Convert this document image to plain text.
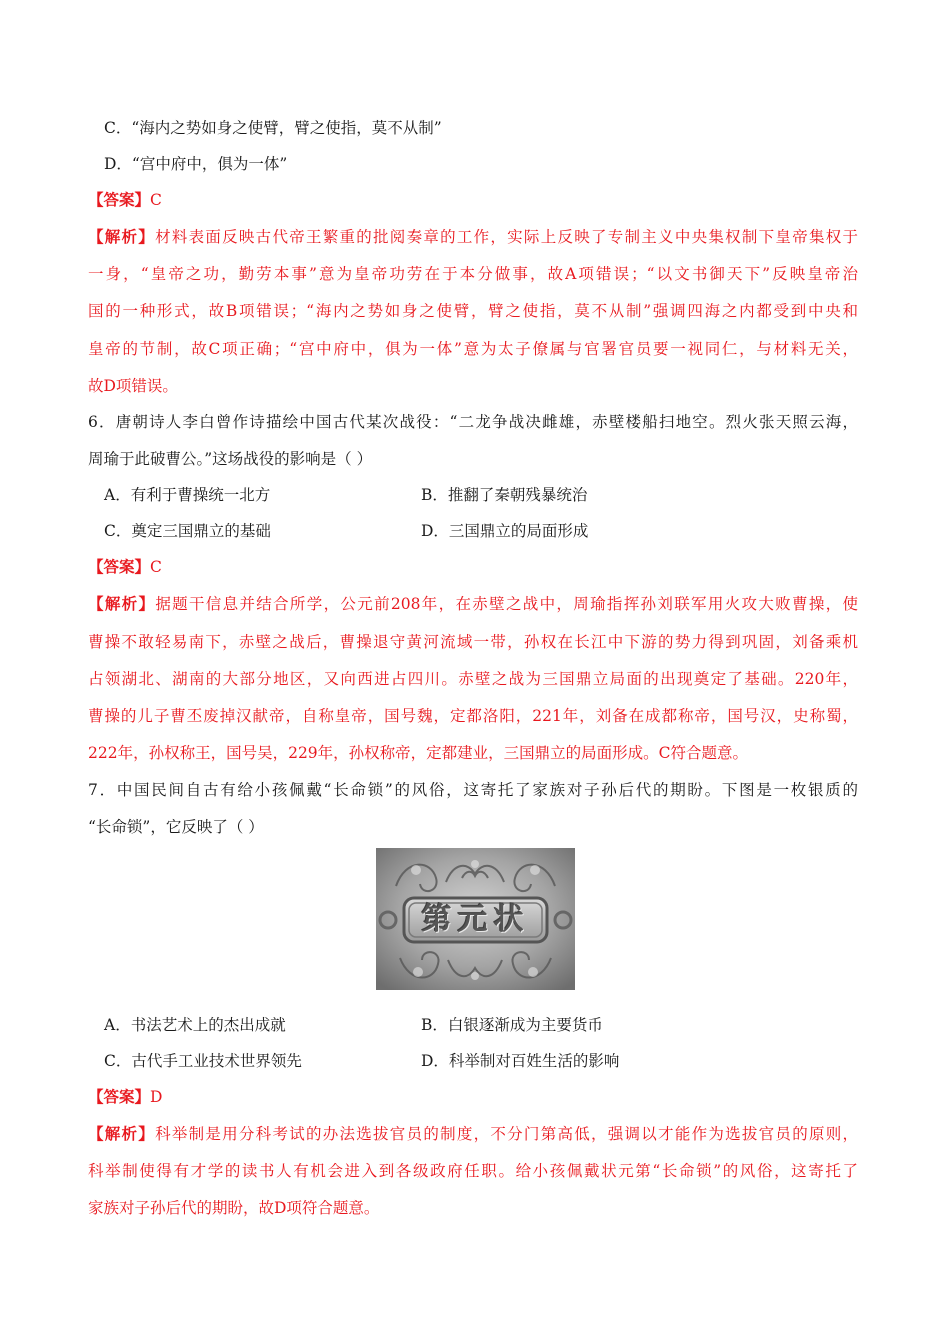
C．“海内之势如身之使臂，臂之使指，莫不从制”
D．“宫中府中，俱为一体”
【答案】C
【解析】材料表面反映古代帝王繁重的批阅奏章的工作，实际上反映了专制主义中央集权制下皇帝集权于
一身，“皇帝之功，勤劳本事”意为皇帝功劳在于本分做事，故A项错误；“以文书御天下”反映皇帝治
国的一种形式，故B项错误；“海内之势如身之使臂，臂之使指，莫不从制”强调四海之内都受到中央和
皇帝的节制，故C项正确；“宫中府中，俱为一体”意为太子僚属与官署官员要一视同仁，与材料无关，
故D项错误。
6．唐朝诗人李白曾作诗描绘中国古代某次战役：“二龙争战决雌雄，赤壁楼船扫地空。烈火张天照云海，
周瑜于此破曹公。”这场战役的影响是（ ）
A．有利于曹操统一北方	B．推翻了秦朝残暴统治
C．奠定三国鼎立的基础	D．三国鼎立的局面形成
【答案】C
【解析】据题干信息并结合所学，公元前208年，在赤壁之战中，周瑜指挥孙刘联军用火攻大败曹操，使
曹操不敢轻易南下，赤壁之战后，曹操退守黄河流域一带，孙权在长江中下游的势力得到巩固，刘备乘机
占领湖北、湖南的大部分地区，又向西进占四川。赤壁之战为三国鼎立局面的出现奠定了基础。220年，
曹操的儿子曹丕废掉汉献帝，自称皇帝，国号魏，定都洛阳，221年，刘备在成都称帝，国号汉，史称蜀，
222年，孙权称王，国号吴，229年，孙权称帝，定都建业，三国鼎立的局面形成。C符合题意。
7．中国民间自古有给小孩佩戴“长命锁”的风俗，这寄托了家族对子孙后代的期盼。下图是一枚银质的
“长命锁”，它反映了（ ）
第元状
A．书法艺术上的杰出成就	B．白银逐渐成为主要货币
C．古代手工业技术世界领先	D．科举制对百姓生活的影响
【答案】D
【解析】科举制是用分科考试的办法选拔官员的制度，不分门第高低，强调以才能作为选拔官员的原则，
科举制使得有才学的读书人有机会进入到各级政府任职。给小孩佩戴状元第“长命锁”的风俗，这寄托了
家族对子孙后代的期盼，故D项符合题意。
